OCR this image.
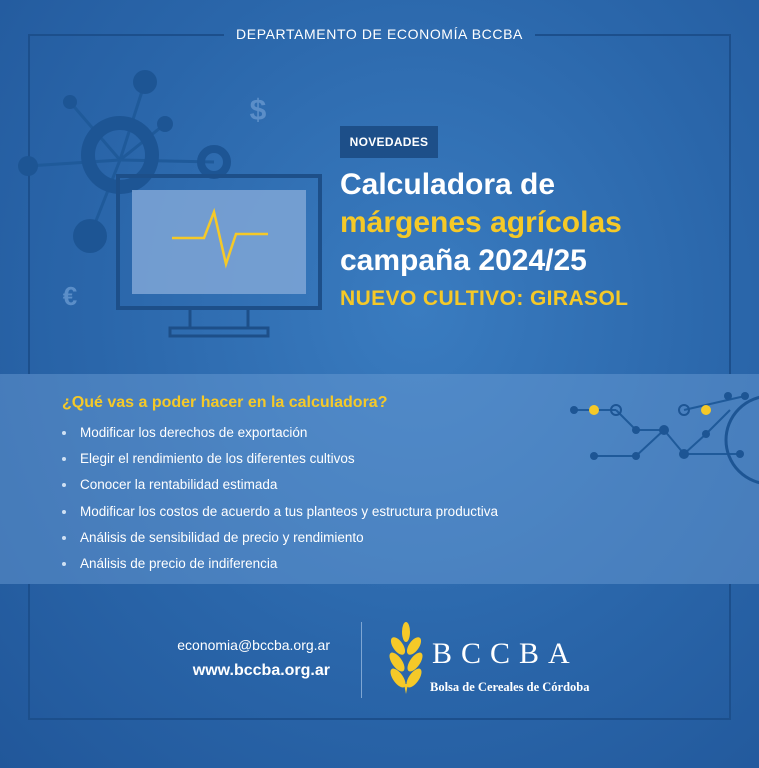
$
€
DEPARTAMENTO DE ECONOMÍA BCCBA
NOVEDADES
Calculadora de
márgenes agrícolas
campaña 2024/25
NUEVO CULTIVO: GIRASOL
¿Qué vas a poder hacer en la calculadora?
Modificar los derechos de exportación
Elegir el rendimiento de los diferentes cultivos
Conocer la rentabilidad estimada
Modificar los costos de acuerdo a tus planteos y estructura productiva
Análisis de sensibilidad de precio y rendimiento
Análisis de precio de indiferencia
economia@bccba.org.ar
www.bccba.org.ar
BCCBA
Bolsa de Cereales de Córdoba
